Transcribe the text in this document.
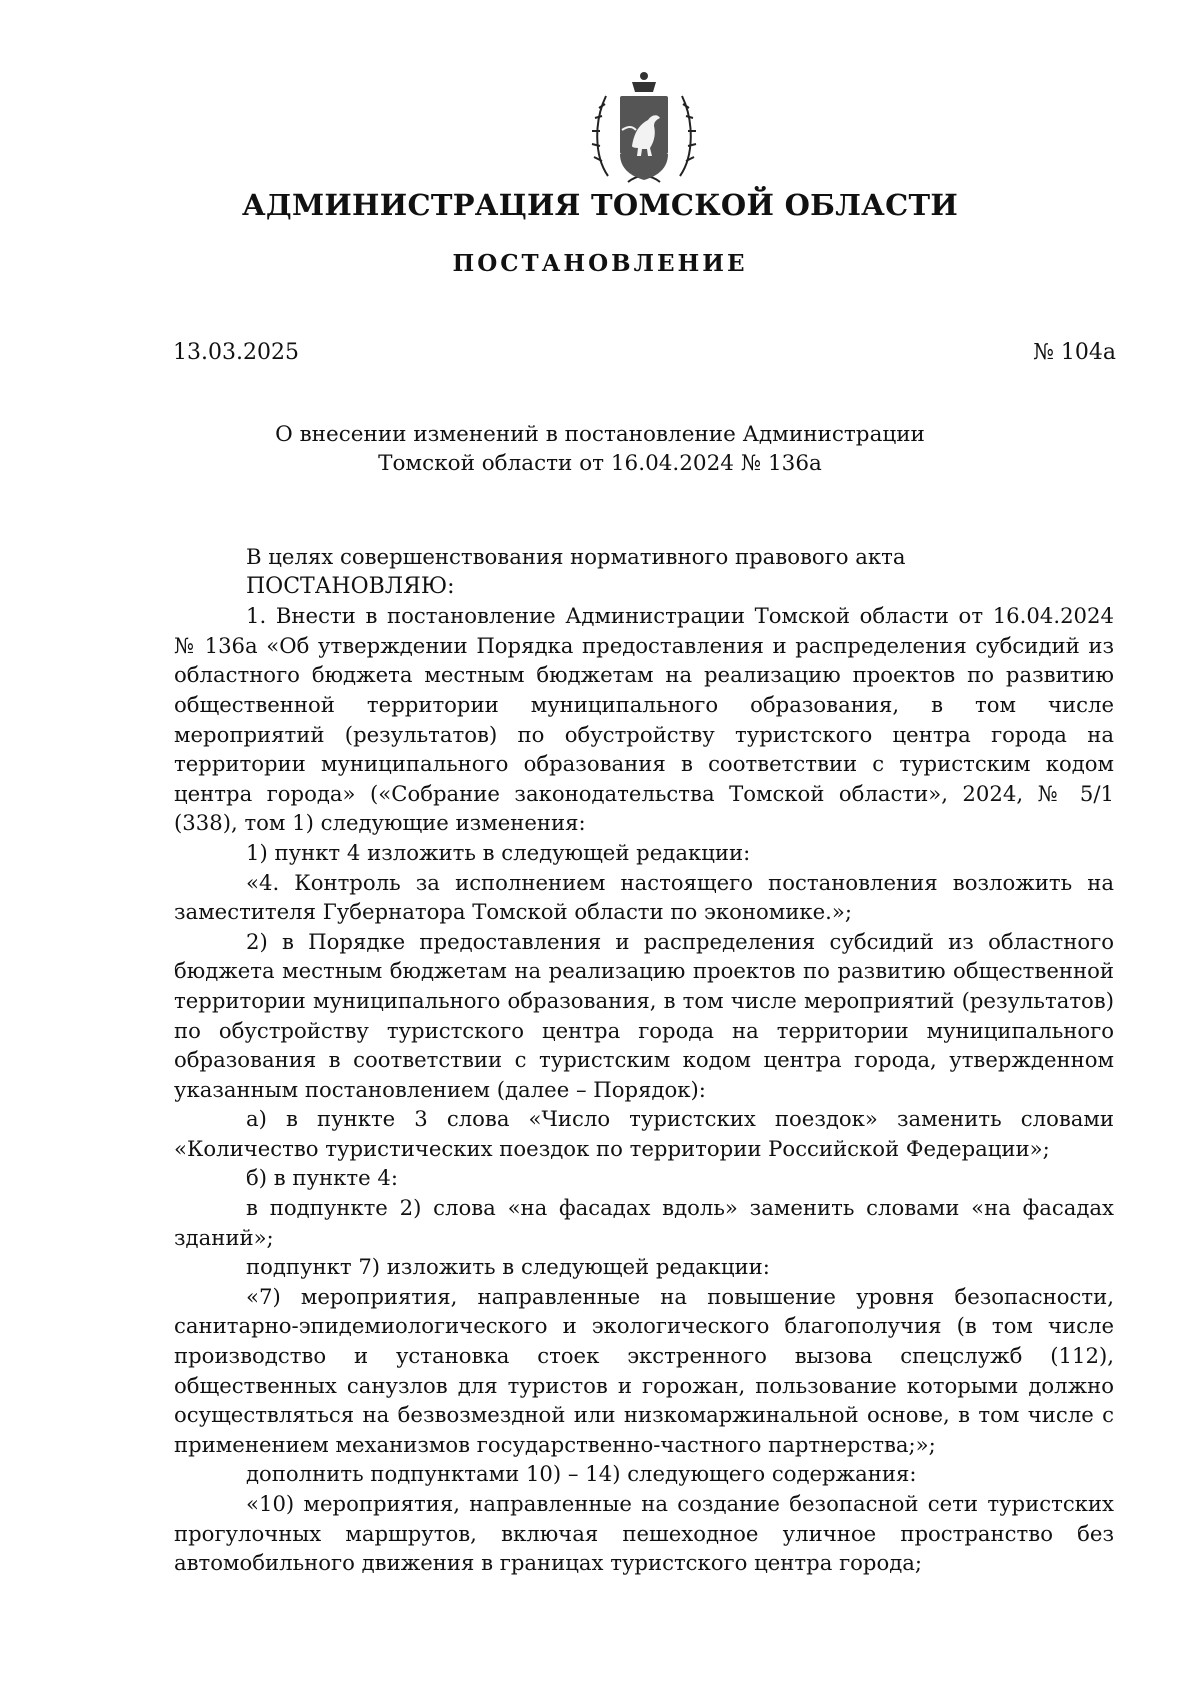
АДМИНИСТРАЦИЯ ТОМСКОЙ ОБЛАСТИ
ПОСТАНОВЛЕНИЕ
13.03.2025	№ 104а
О внесении изменений в постановление Администрации
Томской области от 16.04.2024 № 136а

В целях совершенствования нормативного правового акта

ПОСТАНОВЛЯЮ:

1. Внести в постановление Администрации Томской области от 16.04.2024 № 136а «Об утверждении Порядка предоставления и распределения субсидий из областного бюджета местным бюджетам на реализацию проектов по развитию общественной территории муниципального образования, в том числе мероприятий (результатов) по обустройству туристского центра города на территории муниципального образования в соответствии с туристским кодом центра города» («Собрание законодательства Томской области», 2024, № 5/1 (338), том 1) следующие изменения:

1) пункт 4 изложить в следующей редакции:

«4. Контроль за исполнением настоящего постановления возложить на заместителя Губернатора Томской области по экономике.»;

2) в Порядке предоставления и распределения субсидий из областного бюджета местным бюджетам на реализацию проектов по развитию общественной территории муниципального образования, в том числе мероприятий (результатов) по обустройству туристского центра города на территории муниципального образования в соответствии с туристским кодом центра города, утвержденном указанным постановлением (далее – Порядок):

а) в пункте 3 слова «Число туристских поездок» заменить словами «Количество туристических поездок по территории Российской Федерации»;

б) в пункте 4:

в подпункте 2) слова «на фасадах вдоль» заменить словами «на фасадах зданий»;

подпункт 7) изложить в следующей редакции:

«7) мероприятия, направленные на повышение уровня безопасности, санитарно-эпидемиологического и экологического благополучия (в том числе производство и установка стоек экстренного вызова спецслужб (112), общественных санузлов для туристов и горожан, пользование которыми должно осуществляться на безвозмездной или низкомаржинальной основе, в том числе с применением механизмов государственно-частного партнерства;»;

дополнить подпунктами 10) – 14) следующего содержания:

«10) мероприятия, направленные на создание безопасной сети туристских прогулочных маршрутов, включая пешеходное уличное пространство без автомобильного движения в границах туристского центра города;
